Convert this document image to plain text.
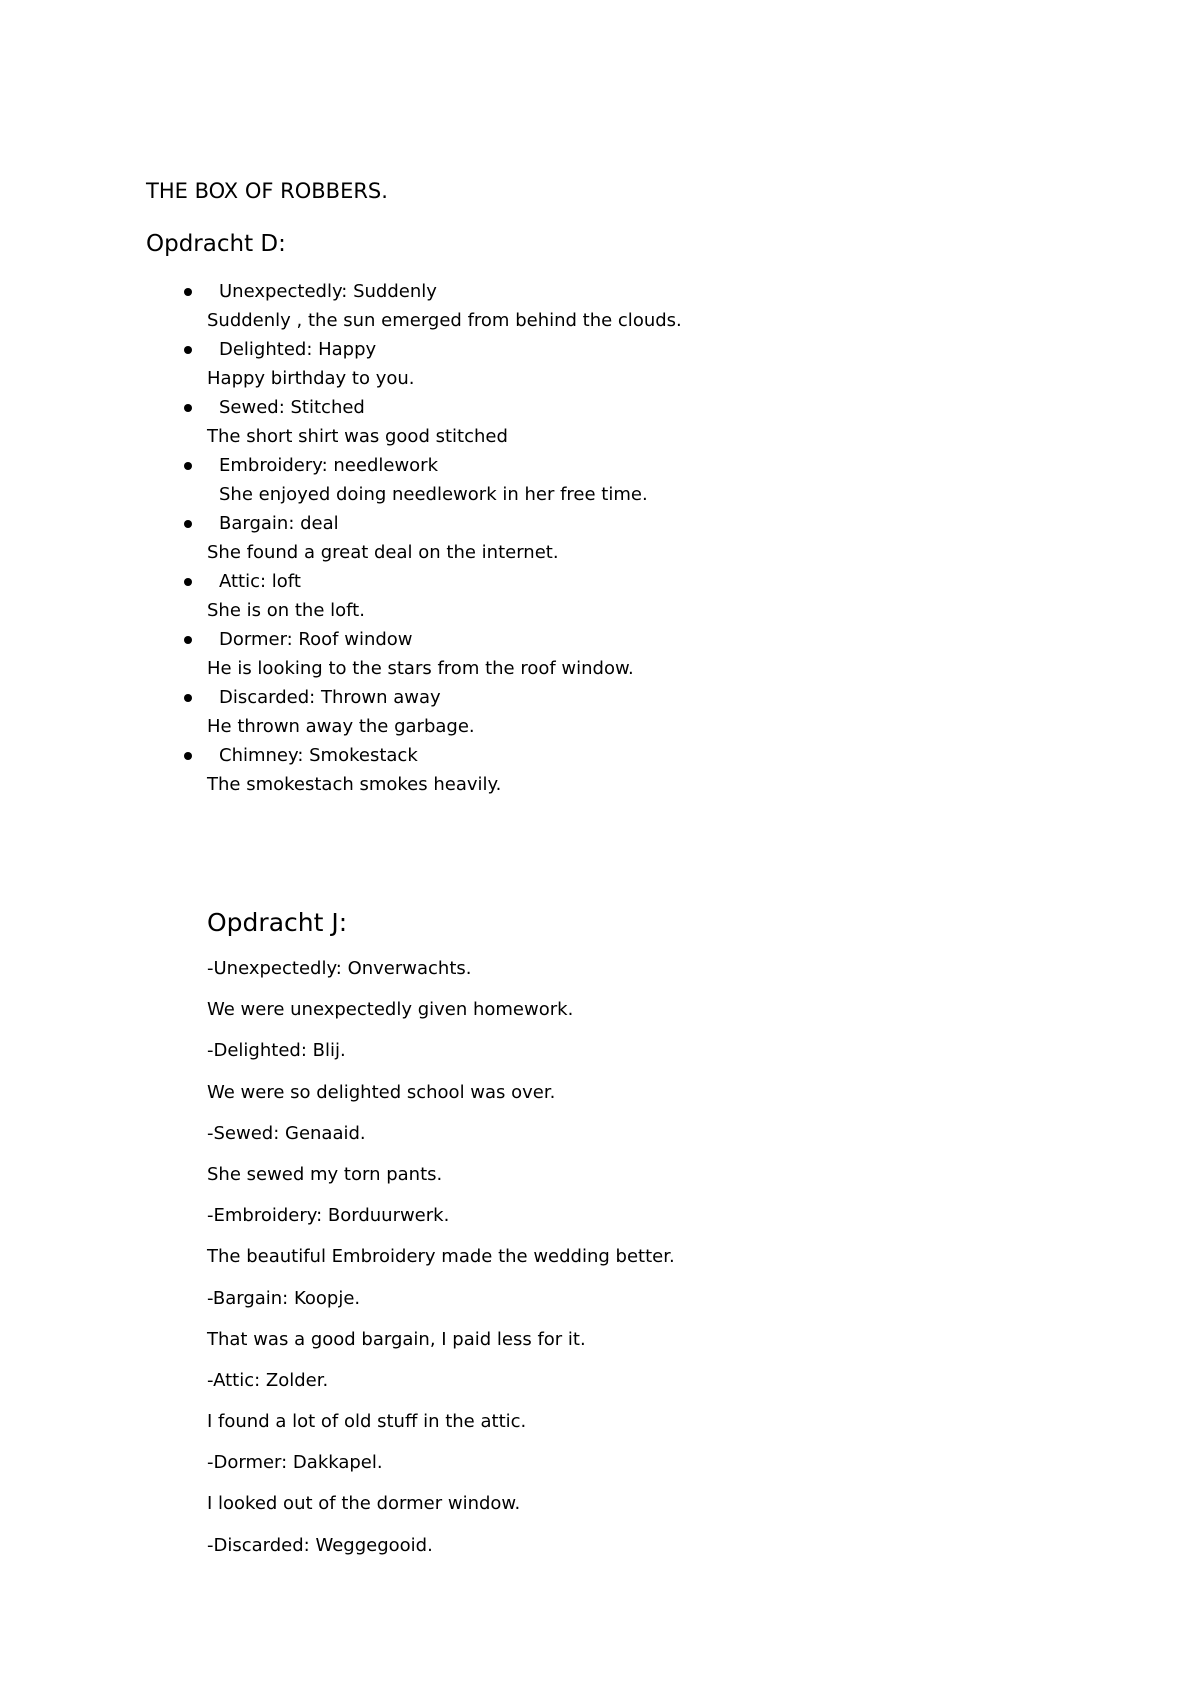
THE BOX OF ROBBERS.
Opdracht D:
Unexpectedly: Suddenly
Suddenly , the sun emerged from behind the clouds.
Delighted: Happy
Happy birthday to you.
Sewed: Stitched
The short shirt was good stitched
Embroidery: needlework
She enjoyed doing needlework in her free time.
Bargain: deal
She found a great deal on the internet.
Attic: loft
She is on the loft.
Dormer: Roof window
He is looking to the stars from the roof window.
Discarded: Thrown away
He thrown away the garbage.
Chimney: Smokestack
The smokestach smokes heavily.
Opdracht J:
-Unexpectedly: Onverwachts.
We were unexpectedly given homework.
-Delighted: Blij.
We were so delighted school was over.
-Sewed: Genaaid.
She sewed my torn pants.
-Embroidery: Borduurwerk.
The beautiful Embroidery made the wedding better.
-Bargain: Koopje.
That was a good bargain, I paid less for it.
-Attic: Zolder.
I found a lot of old stuff in the attic.
-Dormer: Dakkapel.
I looked out of the dormer window.
-Discarded: Weggegooid.
